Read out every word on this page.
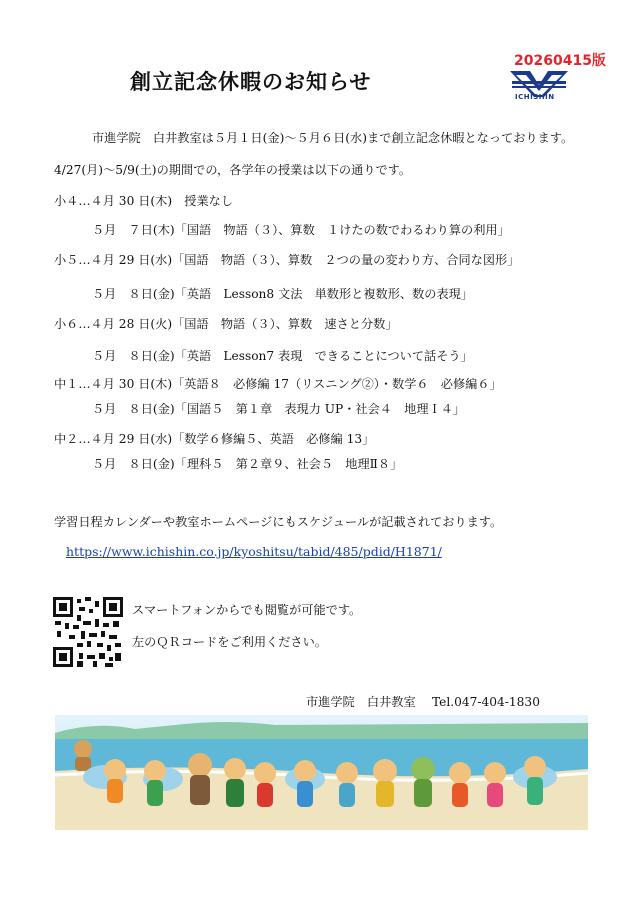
20260415版
ICHISHIN
創立記念休暇のお知らせ
市進学院　白井教室は５月１日(金)～５月６日(水)まで創立記念休暇となっております。
4/27(月)～5/9(土)の期間での，各学年の授業は以下の通りです。
小４…４月 30 日(木)　授業なし
５月　７日(木)「国語　物語（３）、算数　１けたの数でわるわり算の利用」
小５…４月 29 日(水)「国語　物語（３）、算数　２つの量の変わり方、合同な図形」
５月　８日(金)「英語　Lesson8 文法　単数形と複数形、数の表現」
小６…４月 28 日(火)「国語　物語（３）、算数　速さと分数」
５月　８日(金)「英語　Lesson7 表現　できることについて話そう」
中１…４月 30 日(木)「英語８　必修編 17（リスニング②）・数学６　必修編６」
５月　８日(金)「国語５　第１章　表現力 UP・社会４　地理Ｉ４」
中２…４月 29 日(水)「数学６修編５、英語　必修編 13」
５月　８日(金)「理科５　第２章９、社会５　地理Ⅱ８」
学習日程カレンダーや教室ホームページにもスケジュールが記載されております。
https://www.ichishin.co.jp/kyoshitsu/tabid/485/pdid/H1871/
スマートフォンからでも閲覧が可能です。
左のＱＲコードをご利用ください。
市進学院　白井教室 Tel.047-404-1830
